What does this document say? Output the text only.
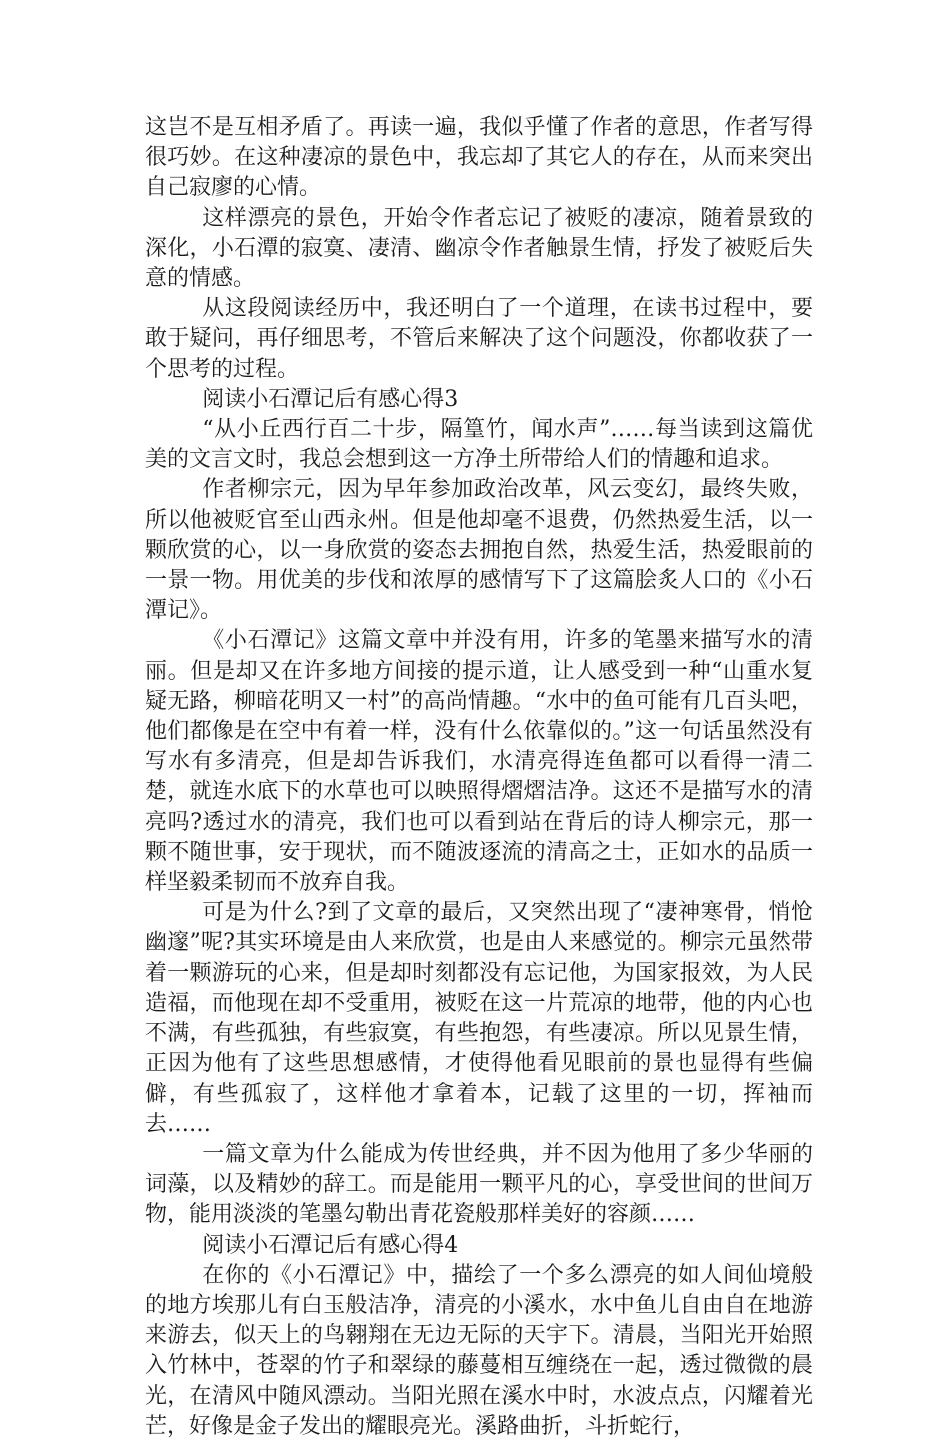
这岂不是互相矛盾了。再读一遍，我似乎懂了作者的意思，作者写得很巧妙。在这种凄凉的景色中，我忘却了其它人的存在，从而来突出自己寂廖的心情。

这样漂亮的景色，开始令作者忘记了被贬的凄凉，随着景致的深化，小石潭的寂寞、凄清、幽凉令作者触景生情，抒发了被贬后失意的情感。

从这段阅读经历中，我还明白了一个道理，在读书过程中，要敢于疑问，再仔细思考，不管后来解决了这个问题没，你都收获了一个思考的过程。

阅读小石潭记后有感心得3

“从小丘西行百二十步，隔篁竹，闻水声”……每当读到这篇优美的文言文时，我总会想到这一方净土所带给人们的情趣和追求。

作者柳宗元，因为早年参加政治改革，风云变幻，最终失败，所以他被贬官至山西永州。但是他却毫不退费，仍然热爱生活，以一颗欣赏的心，以一身欣赏的姿态去拥抱自然，热爱生活，热爱眼前的一景一物。用优美的步伐和浓厚的感情写下了这篇脍炙人口的《小石潭记》。

《小石潭记》这篇文章中并没有用，许多的笔墨来描写水的清丽。但是却又在许多地方间接的提示道，让人感受到一种“山重水复疑无路，柳暗花明又一村”的高尚情趣。“水中的鱼可能有几百头吧，他们都像是在空中有着一样，没有什么依靠似的。”这一句话虽然没有写水有多清亮，但是却告诉我们，水清亮得连鱼都可以看得一清二楚，就连水底下的水草也可以映照得熠熠洁净。这还不是描写水的清亮吗?透过水的清亮，我们也可以看到站在背后的诗人柳宗元，那一颗不随世事，安于现状，而不随波逐流的清高之士，正如水的品质一样坚毅柔韧而不放弃自我。

可是为什么?到了文章的最后，又突然出现了“凄神寒骨，悄怆幽邃”呢?其实环境是由人来欣赏，也是由人来感觉的。柳宗元虽然带着一颗游玩的心来，但是却时刻都没有忘记他，为国家报效，为人民造福，而他现在却不受重用，被贬在这一片荒凉的地带，他的内心也不满，有些孤独，有些寂寞，有些抱怨，有些凄凉。所以见景生情，正因为他有了这些思想感情，才使得他看见眼前的景也显得有些偏僻，有些孤寂了，这样他才拿着本，记载了这里的一切，挥袖而去……

一篇文章为什么能成为传世经典，并不因为他用了多少华丽的词藻，以及精妙的辞工。而是能用一颗平凡的心，享受世间的世间万物，能用淡淡的笔墨勾勒出青花瓷般那样美好的容颜……

阅读小石潭记后有感心得4

在你的《小石潭记》中，描绘了一个多么漂亮的如人间仙境般的地方埃那儿有白玉般洁净，清亮的小溪水，水中鱼儿自由自在地游来游去，似天上的鸟翱翔在无边无际的天宇下。清晨，当阳光开始照入竹林中，苍翠的竹子和翠绿的藤蔓相互缠绕在一起，透过微微的晨光，在清风中随风漂动。当阳光照在溪水中时，水波点点，闪耀着光芒，好像是金子发出的耀眼亮光。溪路曲折，斗折蛇行，
